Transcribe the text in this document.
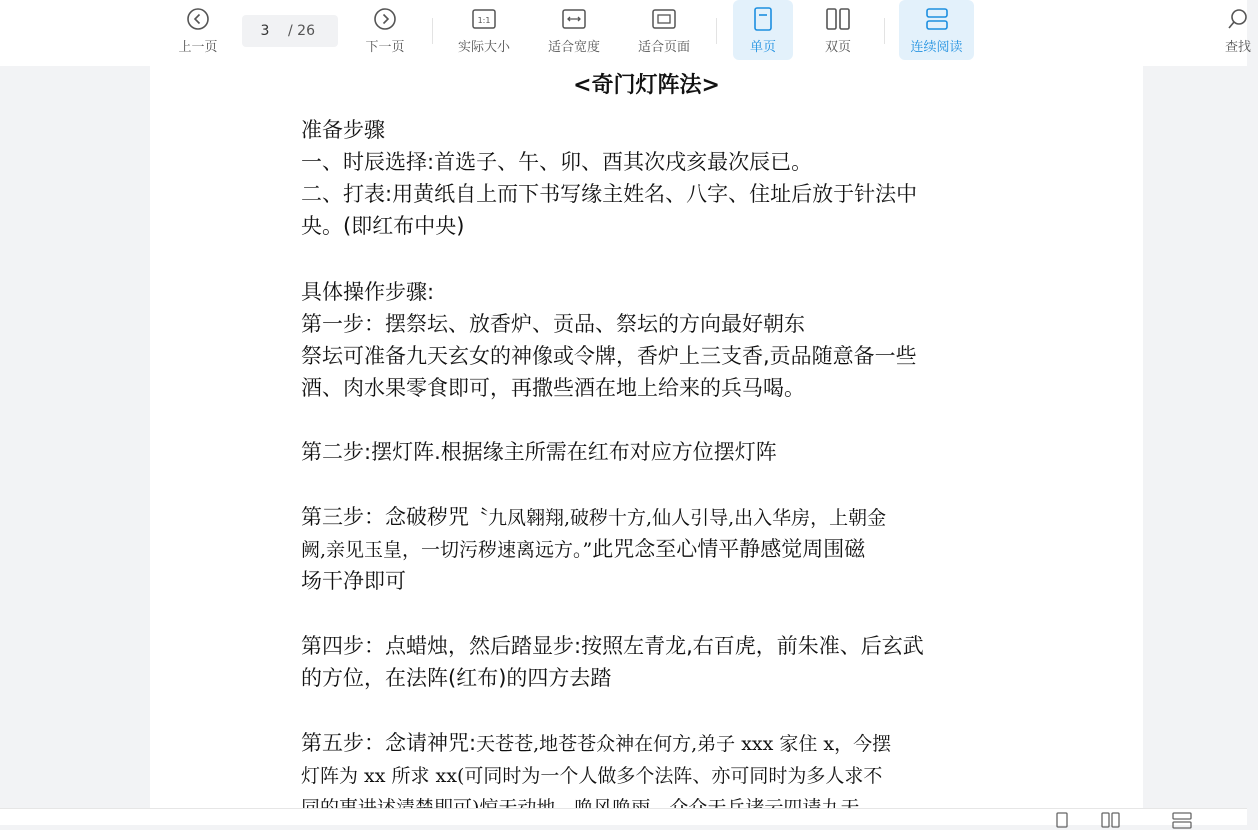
上一页
3	/ 26
下一页
1:1
实际大小	适合宽度	适合页面	单页	双页	连续阅读	查找
<奇门灯阵法>
准备步骤
一、时辰选择:首选子、午、卯、酉其次戌亥最次辰已。
二、打表:用黄纸自上而下书写缘主姓名、八字、住址后放于针法中
央。(即红布中央)
具体操作步骤:
第一步：摆祭坛、放香炉、贡品、祭坛的方向最好朝东
祭坛可准备九天玄女的神像或令牌，香炉上三支香,贡品随意备一些
酒、肉水果零食即可，再撒些酒在地上给来的兵马喝。
第二步:摆灯阵.根据缘主所需在红布对应方位摆灯阵
第三步：念破秽咒〝九凤翱翔,破秽十方,仙人引导,出入华房，上朝金
阙,亲见玉皇，一切污秽速离远方。”此咒念至心情平静感觉周围磁
场干净即可
第四步：点蜡烛，然后踏显步:按照左青龙,右百虎，前朱准、后玄武
的方位，在法阵(红布)的四方去踏
第五步：念请神咒:天苍苍,地苍苍众神在何方,弟子 xxx 家住 x，今摆
灯阵为 xx 所求 xx(可同时为一个人做多个法阵、亦可同时为多人求不
